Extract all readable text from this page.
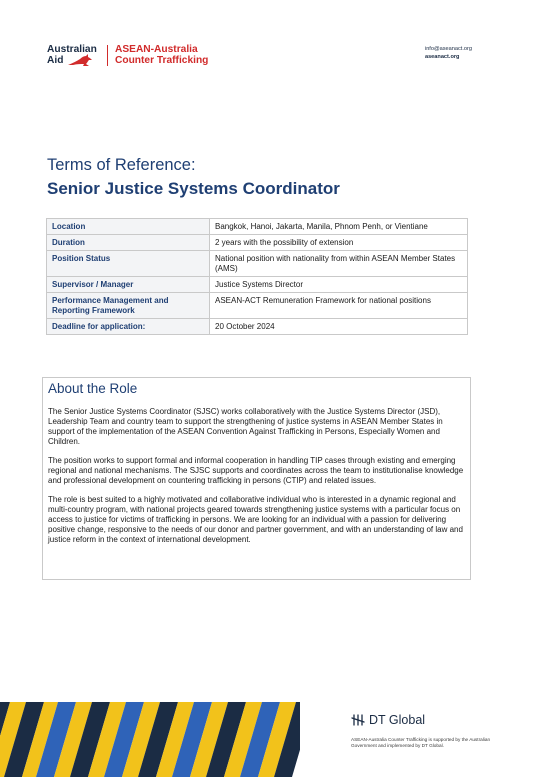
Australian
Aid
ASEAN-Australia
Counter Trafficking
info@aseanact.org
aseanact.org
Terms of Reference:
Senior Justice Systems Coordinator
Location	Bangkok, Hanoi, Jakarta, Manila, Phnom Penh, or Vientiane
Duration	2 years with the possibility of extension
Position Status	National position with nationality from within ASEAN Member States (AMS)
Supervisor / Manager	Justice Systems Director
Performance Management and Reporting Framework	ASEAN-ACT Remuneration Framework for national positions
Deadline for application:	20 October 2024
About the Role

The Senior Justice Systems Coordinator (SJSC) works collaboratively with the Justice Systems Director (JSD), Leadership Team and country team to support the strengthening of justice systems in ASEAN Member States in support of the implementation of the ASEAN Convention Against Trafficking in Persons, Especially Women and Children.

The position works to support formal and informal cooperation in handling TIP cases through existing and emerging regional and national mechanisms. The SJSC supports and coordinates across the team to institutionalise knowledge and professional development on countering trafficking in persons (CTIP) and related issues.

The role is best suited to a highly motivated and collaborative individual who is interested in a dynamic regional and multi-country program, with national projects geared towards strengthening justice systems with a particular focus on access to justice for victims of trafficking in persons. We are looking for an individual with a passion for delivering positive change, responsive to the needs of our donor and partner government, and with an understanding of law and justice reform in the context of international development.

DT Global
ASEAN-Australia Counter Trafficking is supported by the Australian Government and implemented by DT Global.
